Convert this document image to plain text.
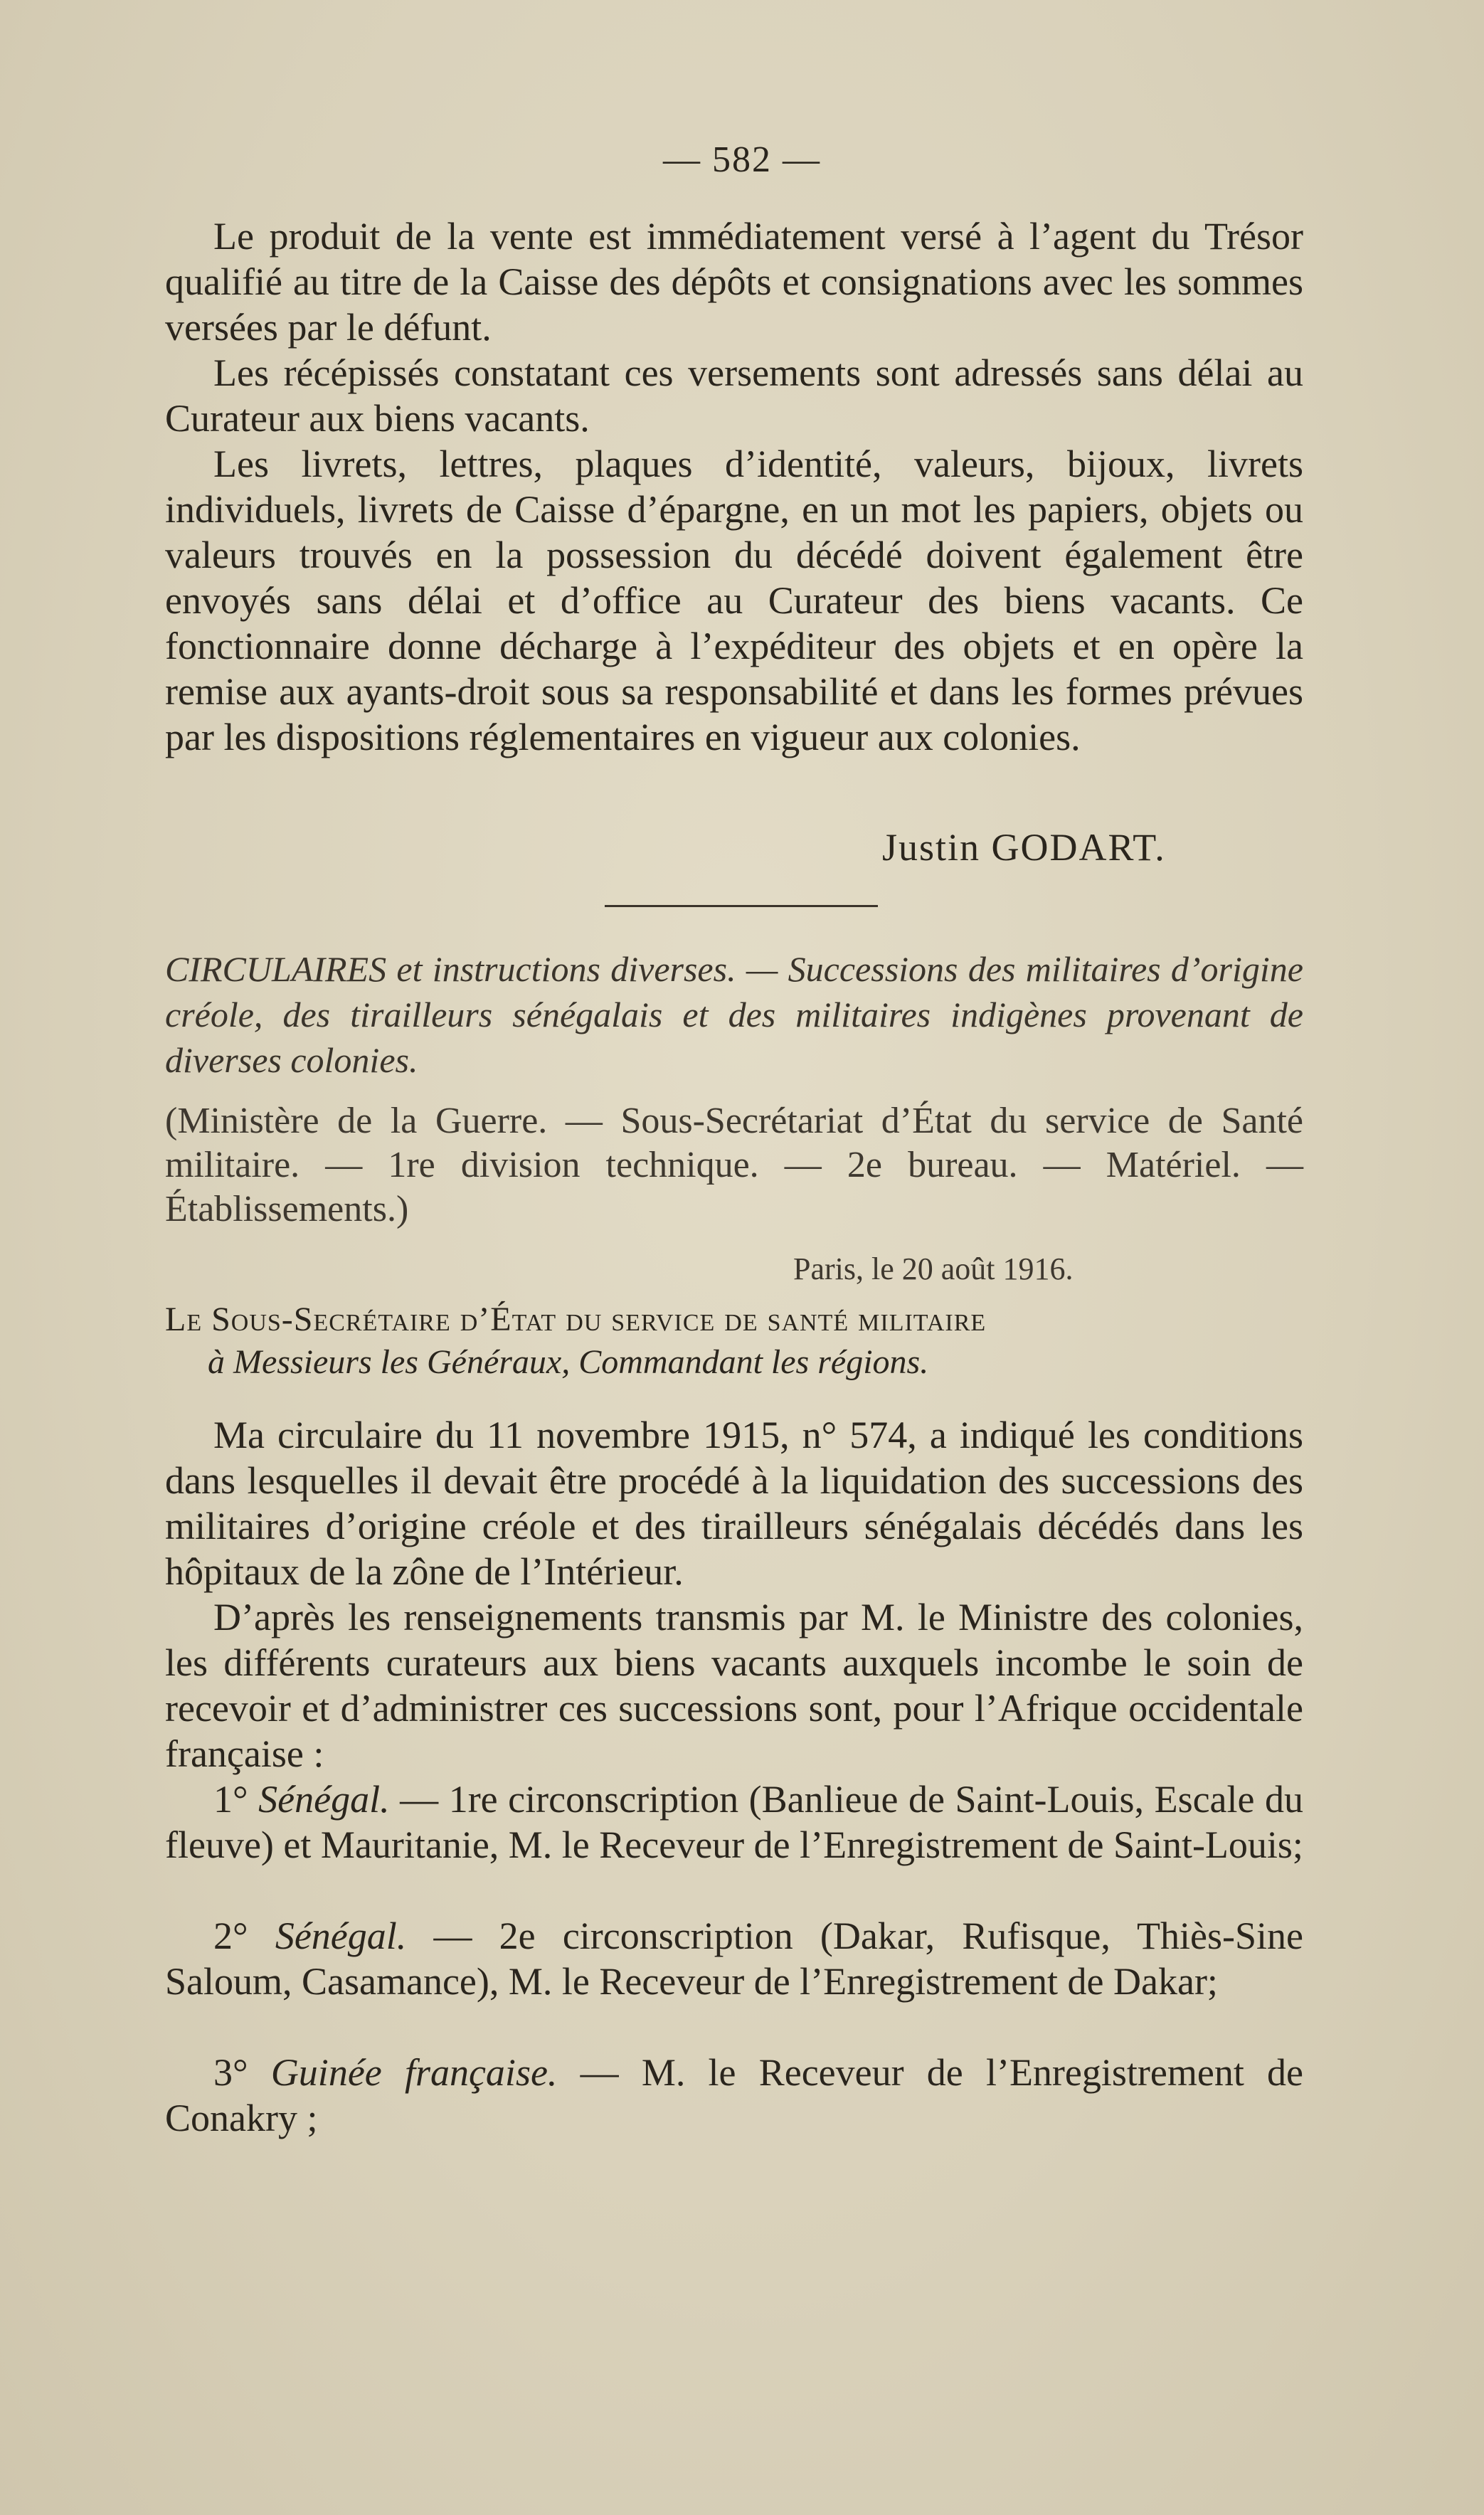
— 582 —
Le produit de la vente est immédiatement versé à l’agent du Trésor qualifié au titre de la Caisse des dépôts et consignations avec les sommes versées par le défunt.
Les récépissés constatant ces versements sont adressés sans délai au Curateur aux biens vacants.
Les livrets, lettres, plaques d’identité, valeurs, bijoux, livrets individuels, livrets de Caisse d’épargne, en un mot les papiers, objets ou valeurs trouvés en la possession du décédé doivent également être envoyés sans délai et d’office au Curateur des biens vacants. Ce fonctionnaire donne décharge à l’expéditeur des objets et en opère la remise aux ayants-droit sous sa responsabilité et dans les formes prévues par les dispositions réglementaires en vigueur aux colonies.
Justin GODART.
CIRCULAIRES et instructions diverses. — Successions des militaires d’origine créole, des tirailleurs sénégalais et des militaires indigènes provenant de diverses colonies.
(Ministère de la Guerre. — Sous-Secrétariat d’État du service de Santé militaire. — 1re division technique. — 2e bureau. — Matériel. — Établissements.)
Paris, le 20 août 1916.
Le Sous-Secrétaire d’État du service de santé militaire
à Messieurs les Généraux, Commandant les régions.
Ma circulaire du 11 novembre 1915, n° 574, a indiqué les conditions dans lesquelles il devait être procédé à la liquidation des successions des militaires d’origine créole et des tirailleurs sénégalais décédés dans les hôpitaux de la zône de l’Intérieur.
D’après les renseignements transmis par M. le Ministre des colonies, les différents curateurs aux biens vacants auxquels incombe le soin de recevoir et d’administrer ces successions sont, pour l’Afrique occidentale française :
1° Sénégal. — 1re circonscription (Banlieue de Saint-Louis, Escale du fleuve) et Mauritanie, M. le Receveur de l’Enregistrement de Saint-Louis;
2° Sénégal. — 2e circonscription (Dakar, Rufisque, Thiès-Sine Saloum, Casamance), M. le Receveur de l’Enregistrement de Dakar;
3° Guinée française. — M. le Receveur de l’Enregistrement de Conakry ;
